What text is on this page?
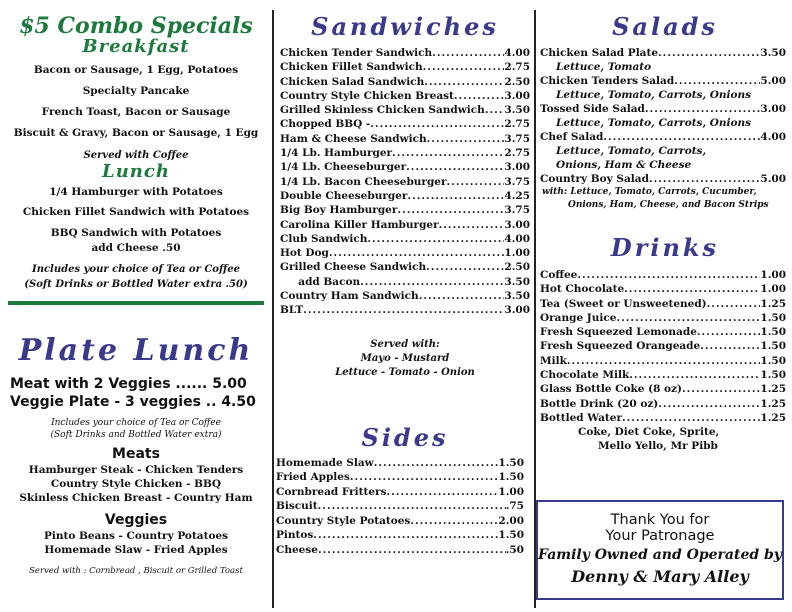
$5 Combo Specials
Breakfast
Bacon or Sausage, 1 Egg, Potatoes
Specialty Pancake
French Toast, Bacon or Sausage
Biscuit & Gravy, Bacon or Sausage, 1 Egg
Served with Coffee
Lunch
1/4 Hamburger with Potatoes
Chicken Fillet Sandwich with Potatoes
BBQ Sandwich with Potatoes
add Cheese .50
Includes your choice of Tea or Coffee
(Soft Drinks or Bottled Water extra .50)
Plate Lunch
Meat with 2 Veggies ...... 5.00
Veggie Plate - 3 veggies .. 4.50
Includes your choice of Tea or Coffee
(Soft Drinks and Bottled Water extra)
Meats
Hamburger Steak - Chicken Tenders
Country Style Chicken - BBQ
Skinless Chicken Breast - Country Ham
Veggies
Pinto Beans - Country Potatoes
Homemade Slaw - Fried Apples
Served with : Cornbread , Biscuit or Grilled Toast
Sandwiches
Chicken Tender Sandwich .....	4.00
Chicken Fillet Sandwich .....	2.75
Chicken Salad Sandwich .....	2.50
Country Style Chicken Breast .....	3.00
Grilled Skinless Chicken Sandwich ..... 3.50
Chopped BBQ - .....	2.75
Ham & Cheese Sandwich .....	3.75
1/4 Lb. Hamburger .....	2.75
1/4 Lb. Cheeseburger .....	3.00
1/4 Lb. Bacon Cheeseburger .....	3.75
Double Cheeseburger .....	4.25
Big Boy Hamburger .....	3.75
Carolina Killer Hamburger .....	3.00
Club Sandwich .....	4.00
Hot Dog .....	1.00
Grilled Cheese Sandwich .....	2.50
add Bacon .....	3.50
Country Ham Sandwich .....	3.50
BLT .....	3.00
Served with:
Mayo - Mustard
Lettuce - Tomato - Onion
Sides
Homemade Slaw .....	1.50
Fried Apples .....	1.50
Cornbread Fritters .....	1.00
Biscuit .....	.75
Country Style Potatoes .....	2.00
Pintos .....	1.50
Cheese .....	.50
Salads
Chicken Salad Plate .....	3.50
Lettuce, Tomato
Chicken Tenders Salad .....	5.00
Lettuce, Tomato, Carrots, Onions
Tossed Side Salad .....	3.00
Lettuce, Tomato, Carrots, Onions
Chef Salad .....	4.00
Lettuce, Tomato, Carrots,
Onions, Ham & Cheese
Country Boy Salad .....	5.00
with: Lettuce, Tomato, Carrots, Cucumber,
Onions, Ham, Cheese, and Bacon Strips
Drinks
Coffee .....	1.00
Hot Chocolate .....	1.00
Tea (Sweet or Unsweetened) .....	1.25
Orange Juice .....	1.50
Fresh Squeezed Lemonade .....	1.50
Fresh Squeezed Orangeade .....	1.50
Milk .....	1.50
Chocolate Milk .....	1.50
Glass Bottle Coke (8 oz) .....	1.25
Bottle Drink (20 oz) .....	1.25
Bottled Water .....	1.25
Coke, Diet Coke, Sprite,
Mello Yello, Mr Pibb
Thank You for
Your Patronage
Family Owned and Operated by
Denny & Mary Alley
